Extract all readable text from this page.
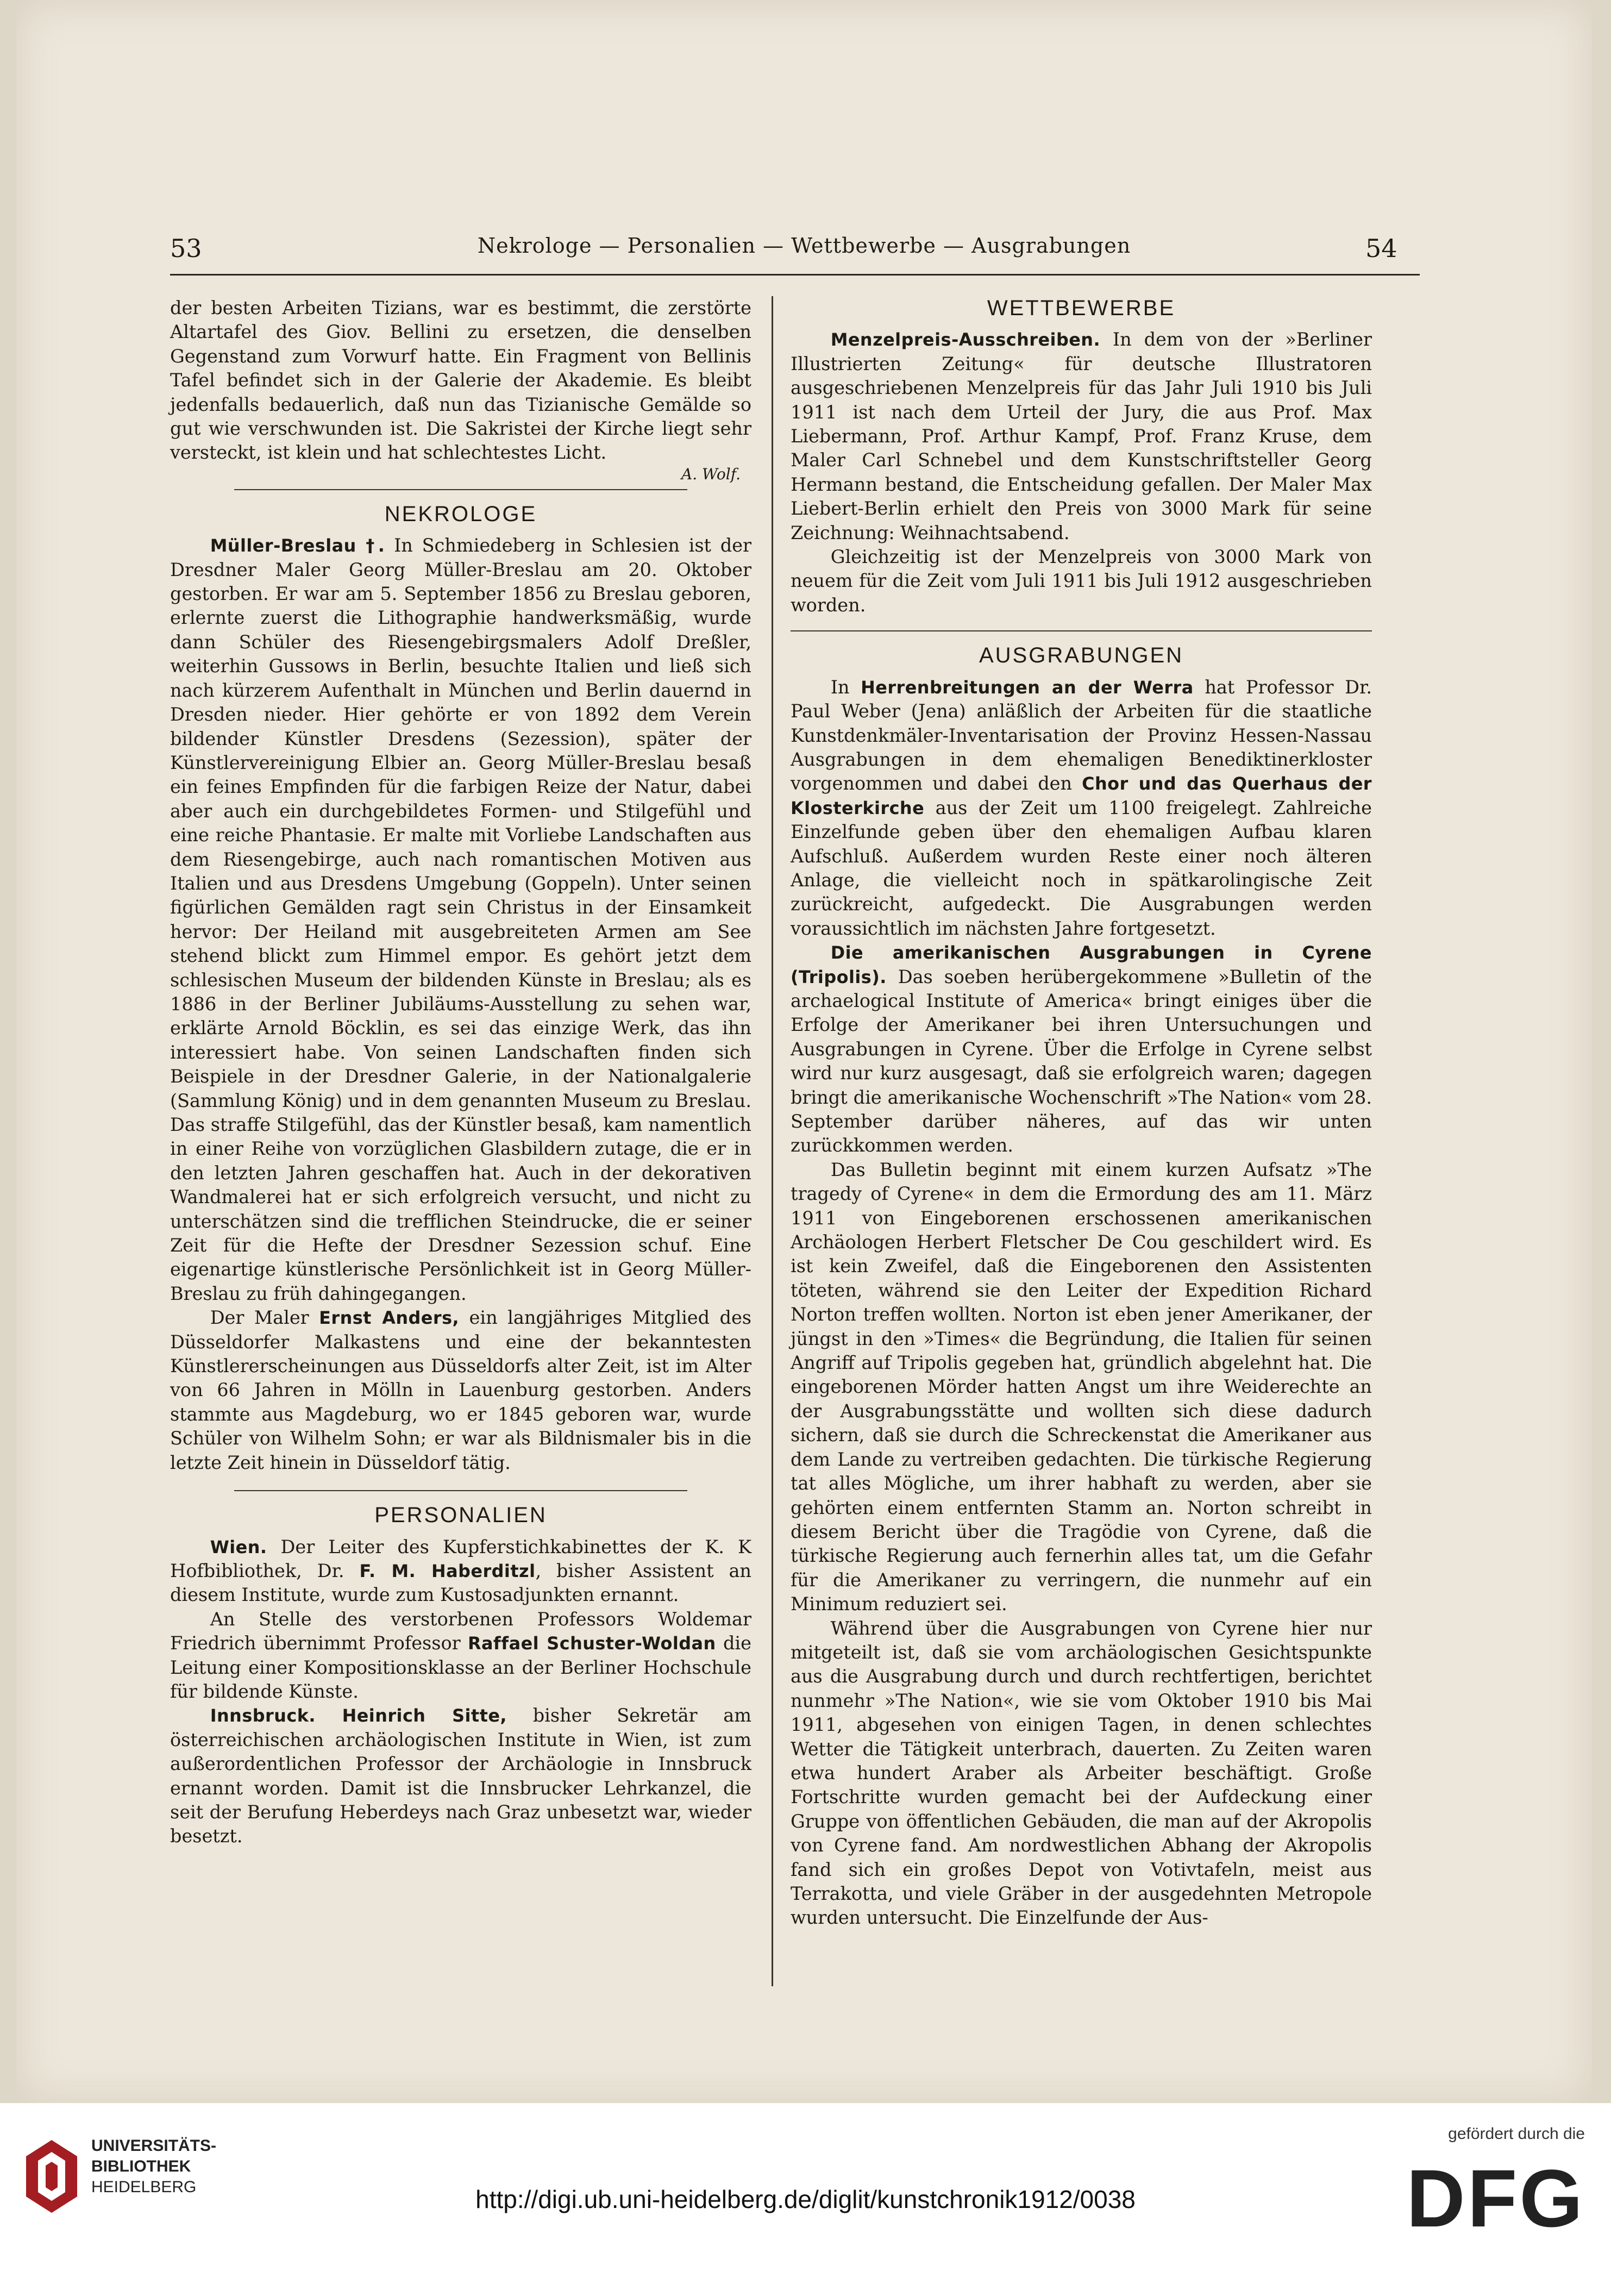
53	Nekrologe — Personalien — Wettbewerbe — Ausgrabungen	54

der besten Arbeiten Tizians, war es bestimmt, die zerstörte Altartafel des Giov. Bellini zu ersetzen, die denselben Gegenstand zum Vorwurf hatte. Ein Fragment von Bellinis Tafel befindet sich in der Galerie der Akademie. Es bleibt jedenfalls bedauerlich, daß nun das Tizianische Gemälde so gut wie verschwunden ist. Die Sakristei der Kirche liegt sehr versteckt, ist klein und hat schlechtestes Licht.

A. Wolf.
NEKROLOGE

Müller-Breslau †. In Schmiedeberg in Schlesien ist der Dresdner Maler Georg Müller-Breslau am 20. Oktober gestorben. Er war am 5. September 1856 zu Breslau geboren, erlernte zuerst die Lithographie handwerksmäßig, wurde dann Schüler des Riesengebirgsmalers Adolf Dreßler, weiterhin Gussows in Berlin, besuchte Italien und ließ sich nach kürzerem Aufenthalt in München und Berlin dauernd in Dresden nieder. Hier gehörte er von 1892 dem Verein bildender Künstler Dresdens (Sezession), später der Künstlervereinigung Elbier an. Georg Müller-Breslau besaß ein feines Empfinden für die farbigen Reize der Natur, dabei aber auch ein durchgebildetes Formen- und Stilgefühl und eine reiche Phantasie. Er malte mit Vorliebe Landschaften aus dem Riesengebirge, auch nach romantischen Motiven aus Italien und aus Dresdens Umgebung (Goppeln). Unter seinen figürlichen Gemälden ragt sein Christus in der Einsamkeit hervor: Der Heiland mit ausgebreiteten Armen am See stehend blickt zum Himmel empor. Es gehört jetzt dem schlesischen Museum der bildenden Künste in Breslau; als es 1886 in der Berliner Jubiläums-Ausstellung zu sehen war, erklärte Arnold Böcklin, es sei das einzige Werk, das ihn interessiert habe. Von seinen Landschaften finden sich Beispiele in der Dresdner Galerie, in der Nationalgalerie (Sammlung König) und in dem genannten Museum zu Breslau. Das straffe Stilgefühl, das der Künstler besaß, kam namentlich in einer Reihe von vorzüglichen Glasbildern zutage, die er in den letzten Jahren geschaffen hat. Auch in der dekorativen Wandmalerei hat er sich erfolgreich versucht, und nicht zu unterschätzen sind die trefflichen Steindrucke, die er seiner Zeit für die Hefte der Dresdner Sezession schuf. Eine eigenartige künstlerische Persönlichkeit ist in Georg Müller-Breslau zu früh dahingegangen.

Der Maler Ernst Anders, ein langjähriges Mitglied des Düsseldorfer Malkastens und eine der bekanntesten Künstlererscheinungen aus Düsseldorfs alter Zeit, ist im Alter von 66 Jahren in Mölln in Lauenburg gestorben. Anders stammte aus Magdeburg, wo er 1845 geboren war, wurde Schüler von Wilhelm Sohn; er war als Bildnismaler bis in die letzte Zeit hinein in Düsseldorf tätig.

PERSONALIEN

Wien. Der Leiter des Kupferstichkabinettes der K. K Hofbibliothek, Dr. F. M. Haberditzl, bisher Assistent an diesem Institute, wurde zum Kustosadjunkten ernannt.

An Stelle des verstorbenen Professors Woldemar Friedrich übernimmt Professor Raffael Schuster-Woldan die Leitung einer Kompositionsklasse an der Berliner Hochschule für bildende Künste.

Innsbruck. Heinrich Sitte, bisher Sekretär am österreichischen archäologischen Institute in Wien, ist zum außerordentlichen Professor der Archäologie in Innsbruck ernannt worden. Damit ist die Innsbrucker Lehrkanzel, die seit der Berufung Heberdeys nach Graz unbesetzt war, wieder besetzt.

WETTBEWERBE

Menzelpreis-Ausschreiben. In dem von der »Berliner Illustrierten Zeitung« für deutsche Illustratoren ausgeschriebenen Menzelpreis für das Jahr Juli 1910 bis Juli 1911 ist nach dem Urteil der Jury, die aus Prof. Max Liebermann, Prof. Arthur Kampf, Prof. Franz Kruse, dem Maler Carl Schnebel und dem Kunstschriftsteller Georg Hermann bestand, die Entscheidung gefallen. Der Maler Max Liebert-Berlin erhielt den Preis von 3000 Mark für seine Zeichnung: Weihnachtsabend.

Gleichzeitig ist der Menzelpreis von 3000 Mark von neuem für die Zeit vom Juli 1911 bis Juli 1912 ausgeschrieben worden.

AUSGRABUNGEN

In Herrenbreitungen an der Werra hat Professor Dr. Paul Weber (Jena) anläßlich der Arbeiten für die staatliche Kunstdenkmäler-Inventarisation der Provinz Hessen-Nassau Ausgrabungen in dem ehemaligen Benediktinerkloster vorgenommen und dabei den Chor und das Querhaus der Klosterkirche aus der Zeit um 1100 freigelegt. Zahlreiche Einzelfunde geben über den ehemaligen Aufbau klaren Aufschluß. Außerdem wurden Reste einer noch älteren Anlage, die vielleicht noch in spätkarolingische Zeit zurückreicht, aufgedeckt. Die Ausgrabungen werden voraussichtlich im nächsten Jahre fortgesetzt.

Die amerikanischen Ausgrabungen in Cyrene (Tripolis). Das soeben herübergekommene »Bulletin of the archaelogical Institute of America« bringt einiges über die Erfolge der Amerikaner bei ihren Untersuchungen und Ausgrabungen in Cyrene. Über die Erfolge in Cyrene selbst wird nur kurz ausgesagt, daß sie erfolgreich waren; dagegen bringt die amerikanische Wochenschrift »The Nation« vom 28. September darüber näheres, auf das wir unten zurückkommen werden.

Das Bulletin beginnt mit einem kurzen Aufsatz »The tragedy of Cyrene« in dem die Ermordung des am 11. März 1911 von Eingeborenen erschossenen amerikanischen Archäologen Herbert Fletscher De Cou geschildert wird. Es ist kein Zweifel, daß die Eingeborenen den Assistenten töteten, während sie den Leiter der Expedition Richard Norton treffen wollten. Norton ist eben jener Amerikaner, der jüngst in den »Times« die Begründung, die Italien für seinen Angriff auf Tripolis gegeben hat, gründlich abgelehnt hat. Die eingeborenen Mörder hatten Angst um ihre Weiderechte an der Ausgrabungsstätte und wollten sich diese dadurch sichern, daß sie durch die Schreckenstat die Amerikaner aus dem Lande zu vertreiben gedachten. Die türkische Regierung tat alles Mögliche, um ihrer habhaft zu werden, aber sie gehörten einem entfernten Stamm an. Norton schreibt in diesem Bericht über die Tragödie von Cyrene, daß die türkische Regierung auch fernerhin alles tat, um die Gefahr für die Amerikaner zu verringern, die nunmehr auf ein Minimum reduziert sei.

Während über die Ausgrabungen von Cyrene hier nur mitgeteilt ist, daß sie vom archäologischen Gesichtspunkte aus die Ausgrabung durch und durch rechtfertigen, berichtet nunmehr »The Nation«, wie sie vom Oktober 1910 bis Mai 1911, abgesehen von einigen Tagen, in denen schlechtes Wetter die Tätigkeit unterbrach, dauerten. Zu Zeiten waren etwa hundert Araber als Arbeiter beschäftigt. Große Fortschritte wurden gemacht bei der Aufdeckung einer Gruppe von öffentlichen Gebäuden, die man auf der Akropolis von Cyrene fand. Am nordwestlichen Abhang der Akropolis fand sich ein großes Depot von Votivtafeln, meist aus Terrakotta, und viele Gräber in der ausgedehnten Metropole wurden untersucht. Die Einzelfunde der Aus-

UNIVERSITÄTS-
BIBLIOTHEK
HEIDELBERG	http://digi.ub.uni-heidelberg.de/diglit/kunstchronik1912/0038
gefördert durch die
DFG
